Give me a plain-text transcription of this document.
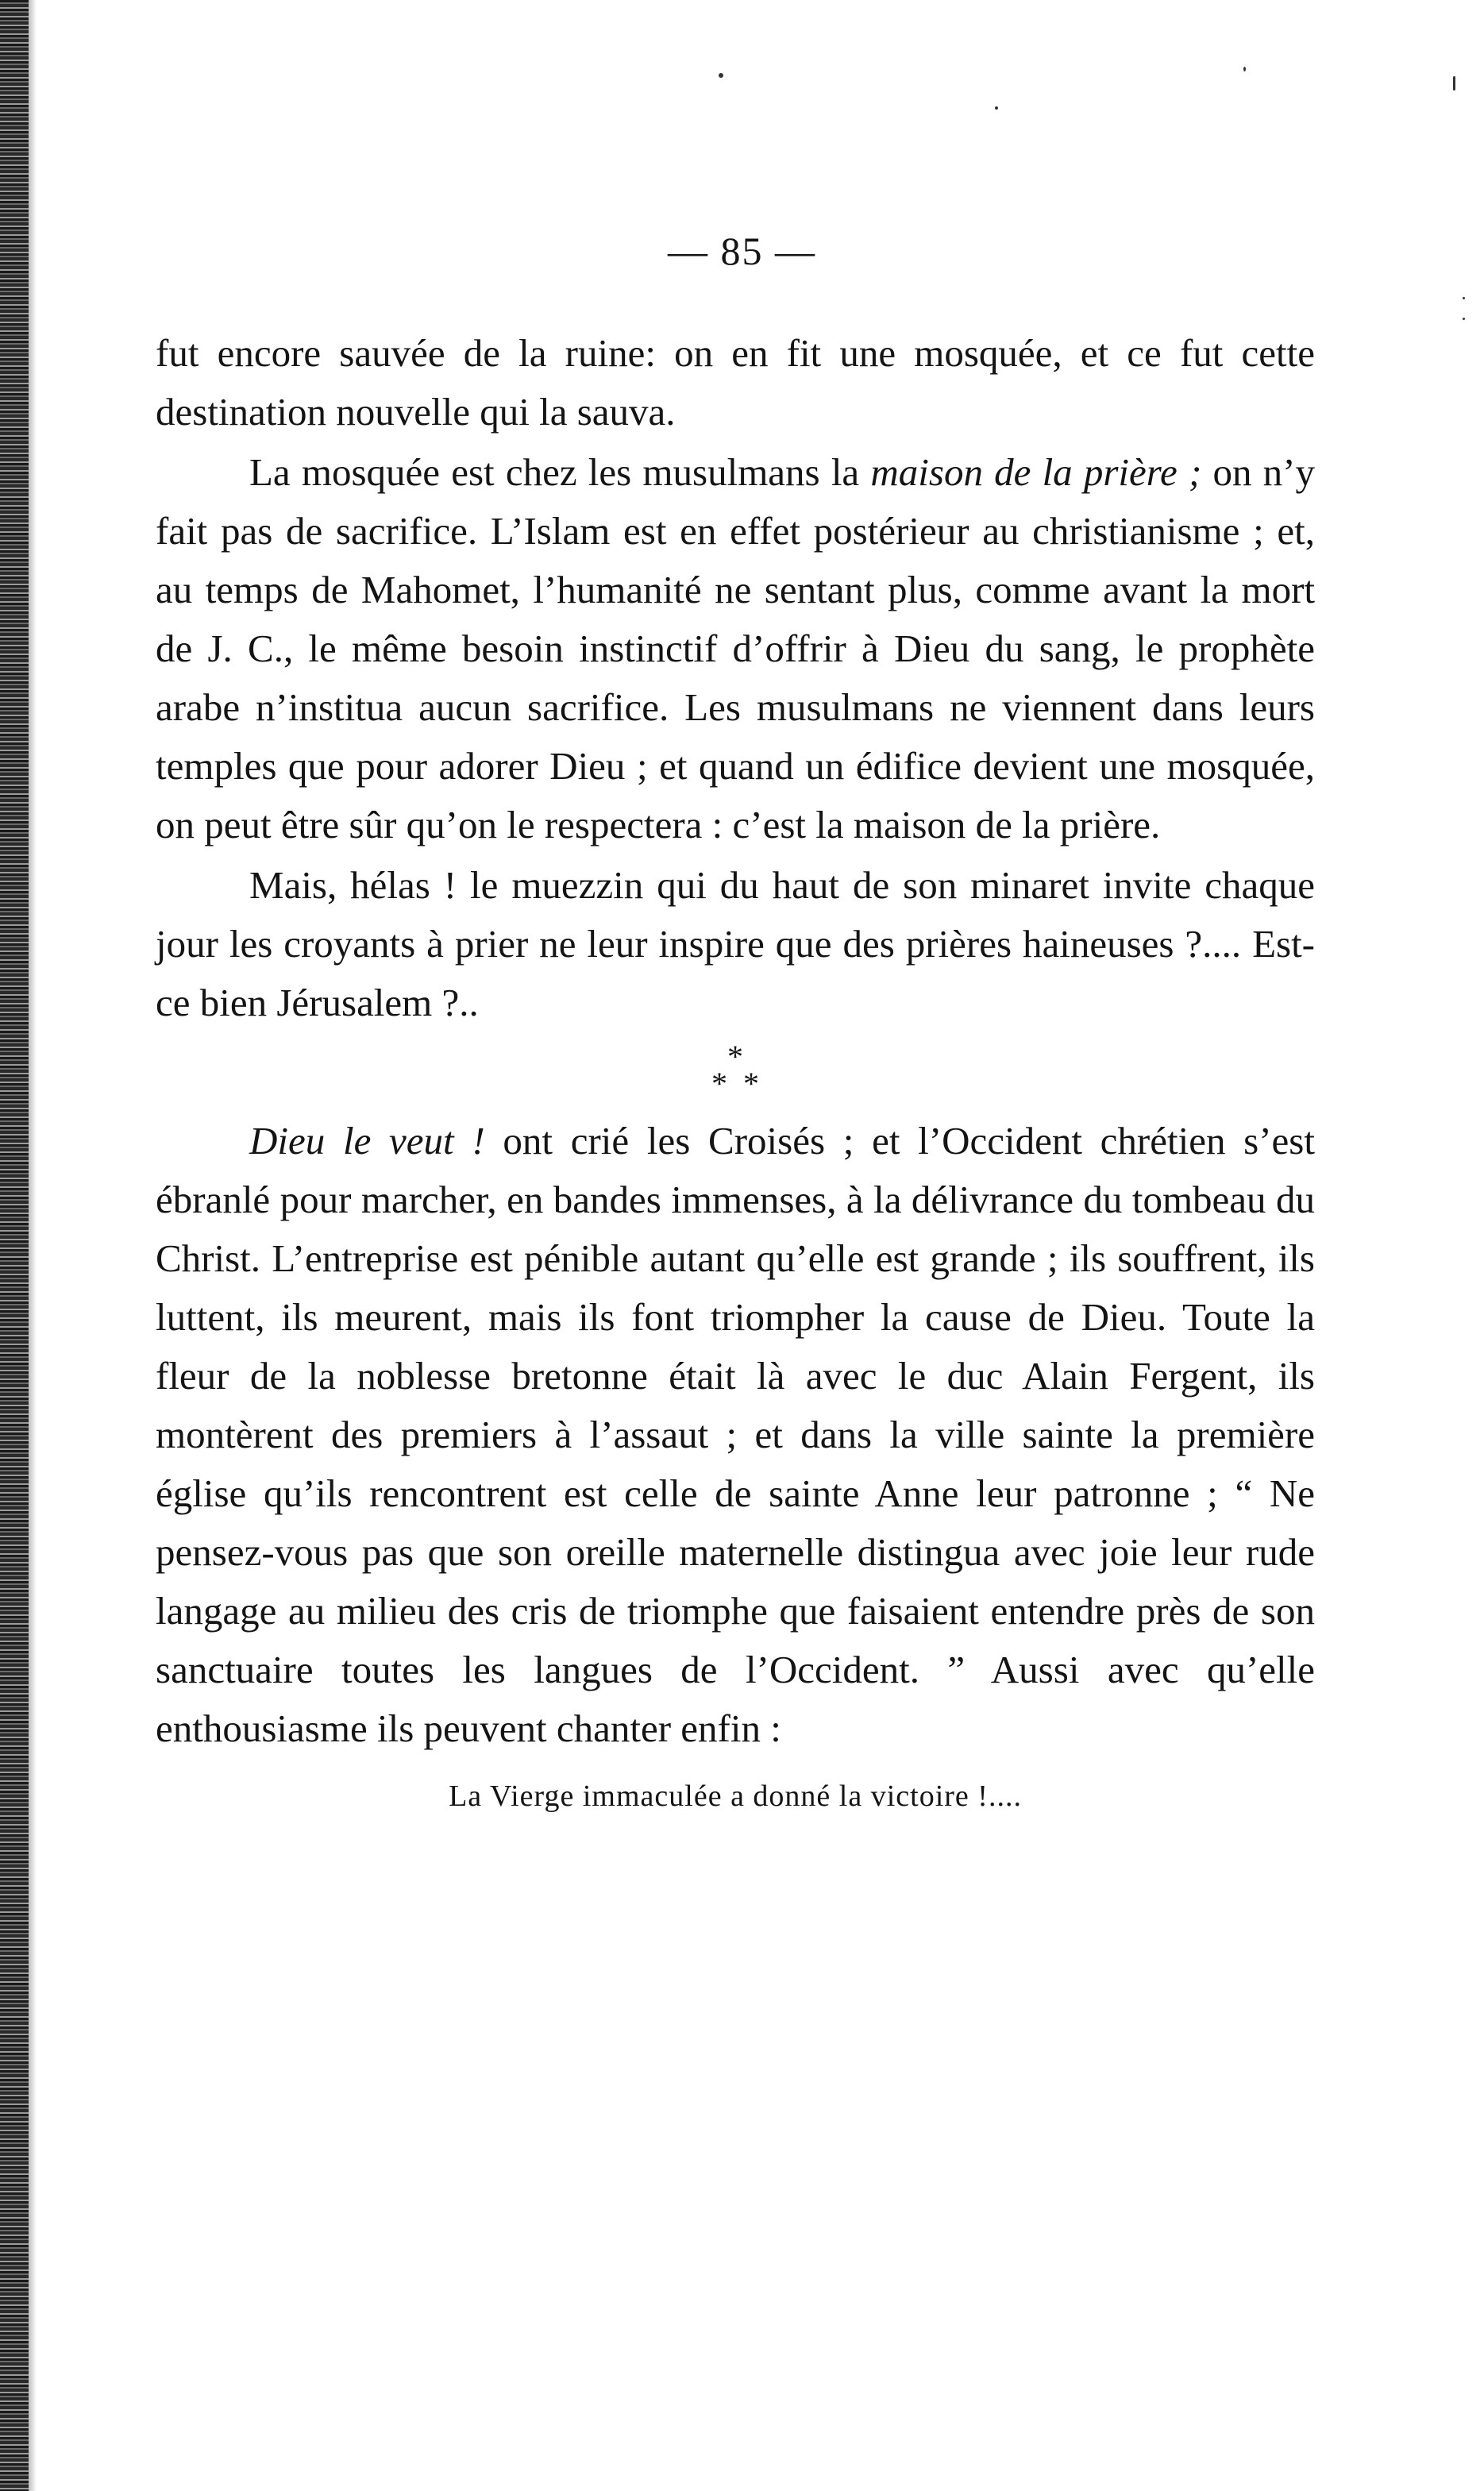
— 85 —

fut encore sauvée de la ruine: on en fit une mosquée, et ce fut cette destination nouvelle qui la sauva.

La mosquée est chez les musulmans la maison de la prière ; on n’y fait pas de sacrifice. L’Islam est en effet postérieur au christianisme ; et, au temps de Mahomet, l’humanité ne sentant plus, comme avant la mort de J. C., le même besoin instinctif d’offrir à Dieu du sang, le prophète arabe n’institua aucun sacrifice. Les musulmans ne viennent dans leurs temples que pour adorer Dieu ; et quand un édifice devient une mosquée, on peut être sûr qu’on le respectera : c’est la maison de la prière.

Mais, hélas ! le muezzin qui du haut de son minaret invite chaque jour les croyants à prier ne leur inspire que des prières haineuses ?.... Est-ce bien Jérusalem ?..

*
**

Dieu le veut ! ont crié les Croisés ; et l’Occident chrétien s’est ébranlé pour marcher, en bandes immenses, à la délivrance du tombeau du Christ. L’entreprise est pénible autant qu’elle est grande ; ils souffrent, ils luttent, ils meurent, mais ils font triompher la cause de Dieu. Toute la fleur de la noblesse bretonne était là avec le duc Alain Fergent, ils montèrent des premiers à l’assaut ; et dans la ville sainte la première église qu’ils rencontrent est celle de sainte Anne leur patronne ; “ Ne pensez-vous pas que son oreille maternelle distingua avec joie leur rude langage au milieu des cris de triomphe que faisaient entendre près de son sanctuaire toutes les langues de l’Occident. ” Aussi avec qu’elle enthousiasme ils peuvent chanter enfin :

La Vierge immaculée a donné la victoire !....
